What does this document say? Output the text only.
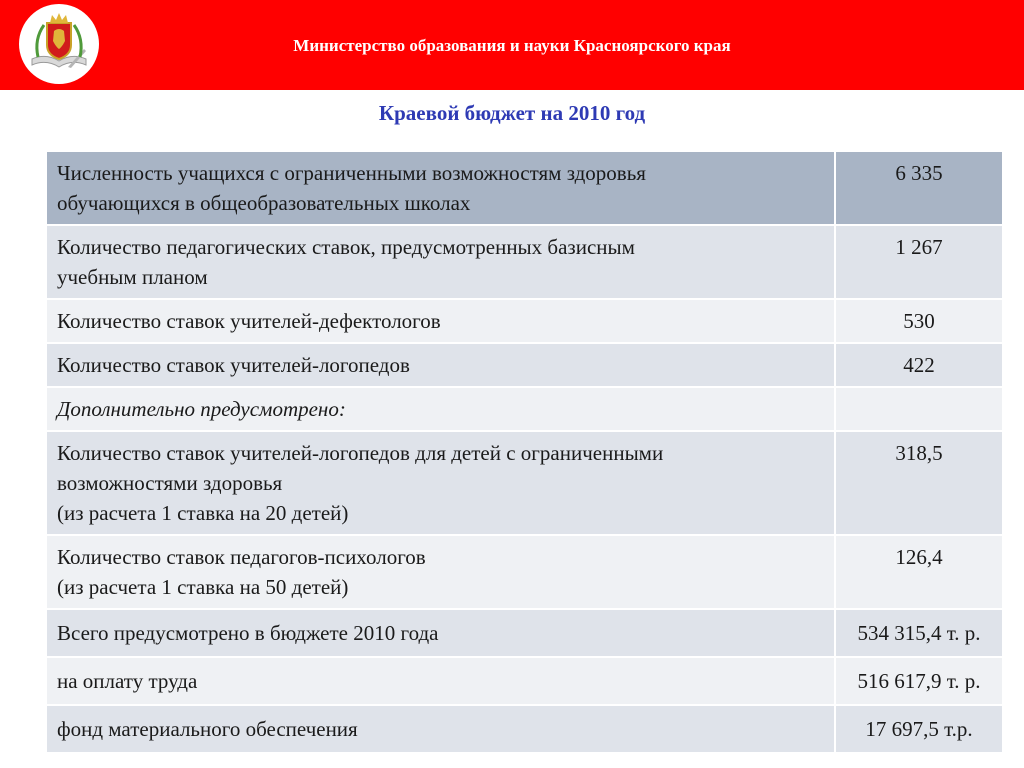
Министерство образования и науки Красноярского края
Краевой бюджет на 2010 год
Численность учащихся с ограниченными возможностям здоровья
обучающихся в общеобразовательных школах	6 335
Количество педагогических ставок, предусмотренных базисным
учебным планом	1 267
Количество ставок учителей-дефектологов	530
Количество ставок учителей-логопедов	422
Дополнительно предусмотрено:	
Количество ставок учителей-логопедов для детей с ограниченными
возможностями здоровья
(из расчета 1 ставка на 20 детей)	318,5
Количество ставок педагогов-психологов
(из расчета 1 ставка на 50 детей)	126,4
Всего предусмотрено в бюджете 2010 года	534 315,4 т. р.
на оплату труда	516 617,9 т. р.
фонд материального обеспечения	17 697,5 т.р.
